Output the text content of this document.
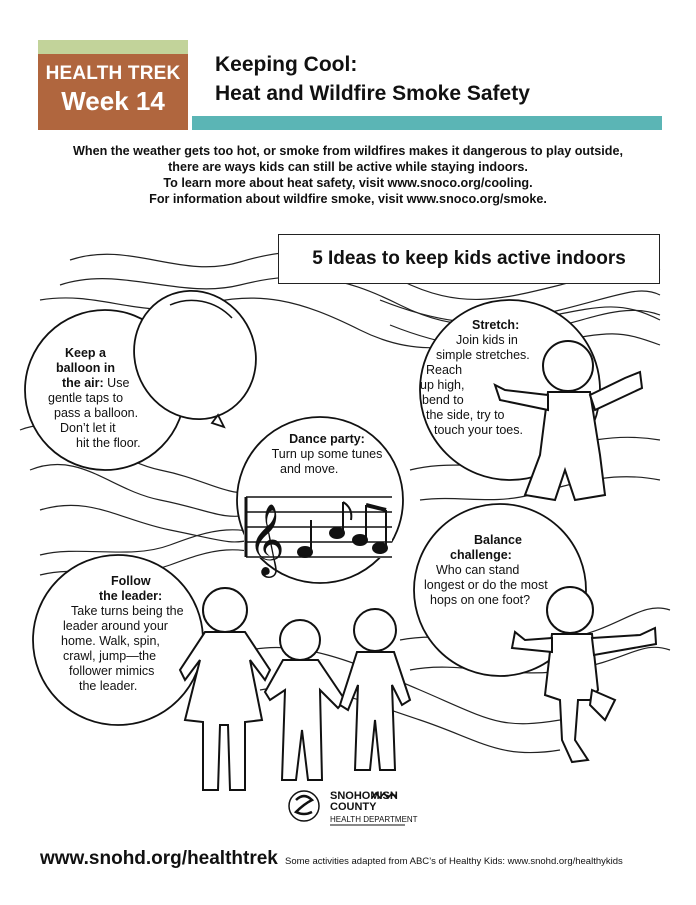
HEALTH TREK
Week 14
Keeping Cool:
Heat and Wildfire Smoke Safety
When the weather gets too hot, or smoke from wildfires makes it dangerous to play outside,
there are ways kids can still be active while staying indoors.
To learn more about heat safety, visit www.snoco.org/cooling.
For information about wildfire smoke, visit www.snoco.org/smoke.
𝄞
5 Ideas to keep kids active indoors
Keep a
balloon in
the air: Use
gentle taps to
pass a balloon.
Don’t let it
hit the floor.
Stretch:
Join kids in
simple stretches.
Reach
up high,
bend to
the side, try to
touch your toes.
Dance party:
Turn up some tunes
and move.
Follow
the leader:
Take turns being the
leader around your
home. Walk, spin,
crawl, jump—the
follower mimics
the leader.
Balance
challenge:
Who can stand
longest or do the most
hops on one foot?
SNOHOMISH
COUNTY
HEALTH DEPARTMENT
www.snohd.org/healthtrek Some activities adapted from ABC’s of Healthy Kids: www.snohd.org/healthykids
